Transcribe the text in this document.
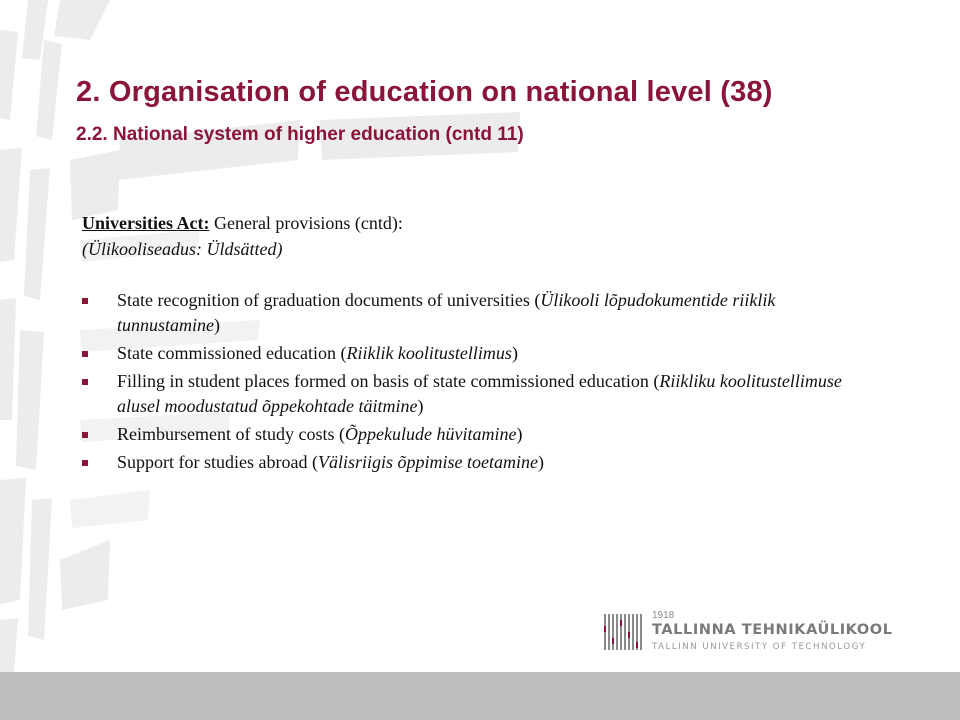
2. Organisation of education on national level (38)
2.2. National system of higher education (cntd 11)

Universities Act: General provisions (cntd):

(Ülikooliseadus: Üldsätted)

State recognition of graduation documents of universities (Ülikooli lõpudokumentide riiklik tunnustamine)
State commissioned education (Riiklik koolitustellimus)
Filling in student places formed on basis of state commissioned education (Riikliku koolitustellimuse alusel moodustatud õppekohtade täitmine)
Reimbursement of study costs (Õppekulude hüvitamine)
Support for studies abroad (Välisriigis õppimise toetamine)
1918
TALLINNA TEHNIKAÜLIKOOL
TALLINN UNIVERSITY OF TECHNOLOGY
